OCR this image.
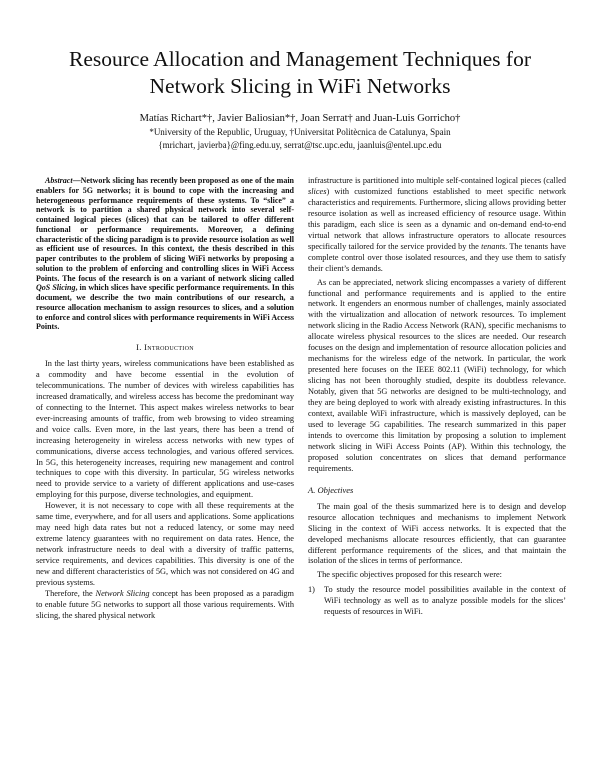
Resource Allocation and Management Techniques for
Network Slicing in WiFi Networks
Matías Richart*†, Javier Baliosian*†, Joan Serrat† and Juan-Luis Gorricho†
*University of the Republic, Uruguay, †Universitat Politècnica de Catalunya, Spain
{mrichart, javierba}@fing.edu.uy, serrat@tsc.upc.edu, jaanluis@entel.upc.edu

Abstract—Network slicing has recently been proposed as one of the main enablers for 5G networks; it is bound to cope with the increasing and heterogeneous performance requirements of these systems. To “slice” a network is to partition a shared physical network into several self-contained logical pieces (slices) that can be tailored to offer different functional or performance requirements. Moreover, a defining characteristic of the slicing paradigm is to provide resource isolation as well as efficient use of resources. In this context, the thesis described in this paper contributes to the problem of slicing WiFi networks by proposing a solution to the problem of enforcing and controlling slices in WiFi Access Points. The focus of the research is on a variant of network slicing called QoS Slicing, in which slices have specific performance requirements. In this document, we describe the two main contributions of our research, a resource allocation mechanism to assign resources to slices, and a solution to enforce and control slices with performance requirements in WiFi Access Points.

I. Introduction

In the last thirty years, wireless communications have been established as a commodity and have become essential in the evolution of telecommunications. The number of devices with wireless capabilities has increased dramatically, and wireless access has become the predominant way of connecting to the Internet. This aspect makes wireless networks to bear ever-increasing amounts of traffic, from web browsing to video streaming and voice calls. Even more, in the last years, there has been a trend of increasing heterogeneity in wireless access networks with new types of communications, diverse access technologies, and various offered services. In 5G, this heterogeneity increases, requiring new management and control techniques to cope with this diversity. In particular, 5G wireless networks need to provide service to a variety of different applications and use-cases employing for this purpose, diverse technologies, and equipment.

However, it is not necessary to cope with all these requirements at the same time, everywhere, and for all users and applications. Some applications may need high data rates but not a reduced latency, or some may need extreme latency guarantees with no requirement on data rates. Hence, the network infrastructure needs to deal with a diversity of traffic patterns, service requirements, and devices capabilities. This diversity is one of the new and different characteristics of 5G, which was not considered on 4G and previous systems.

Therefore, the Network Slicing concept has been proposed as a paradigm to enable future 5G networks to support all those various requirements. With slicing, the shared physical network

infrastructure is partitioned into multiple self-contained logical pieces (called slices) with customized functions established to meet specific network characteristics and requirements. Furthermore, slicing allows providing better resource isolation as well as increased efficiency of resource usage. Within this paradigm, each slice is seen as a dynamic and on-demand end-to-end virtual network that allows infrastructure operators to allocate resources specifically tailored for the service provided by the tenants. The tenants have complete control over those isolated resources, and they use them to satisfy their client’s demands.

As can be appreciated, network slicing encompasses a variety of different functional and performance requirements and is applied to the entire network. It engenders an enormous number of challenges, mainly associated with the virtualization and allocation of network resources. To implement network slicing in the Radio Access Network (RAN), specific mechanisms to allocate wireless physical resources to the slices are needed. Our research focuses on the design and implementation of resource allocation policies and mechanisms for the wireless edge of the network. In particular, the work presented here focuses on the IEEE 802.11 (WiFi) technology, for which slicing has not been thoroughly studied, despite its doubtless relevance. Notably, given that 5G networks are designed to be multi-technology, and they are being deployed to work with already existing infrastructures. In this context, available WiFi infrastructure, which is massively deployed, can be used to leverage 5G capabilities. The research summarized in this paper intends to overcome this limitation by proposing a solution to implement network slicing in WiFi Access Points (AP). Within this technology, the proposed solution concentrates on slices that demand performance requirements.

A. Objectives

The main goal of the thesis summarized here is to design and develop resource allocation techniques and mechanisms to implement Network Slicing in the context of WiFi access networks. It is expected that the developed mechanisms allocate resources efficiently, that can guarantee different performance requirements of the slices, and that maintain the isolation of the slices in terms of performance.

The specific objectives proposed for this research were:

1)	To study the resource model possibilities available in the context of WiFi technology as well as to analyze possible models for the slices’ requests of resources in WiFi.
